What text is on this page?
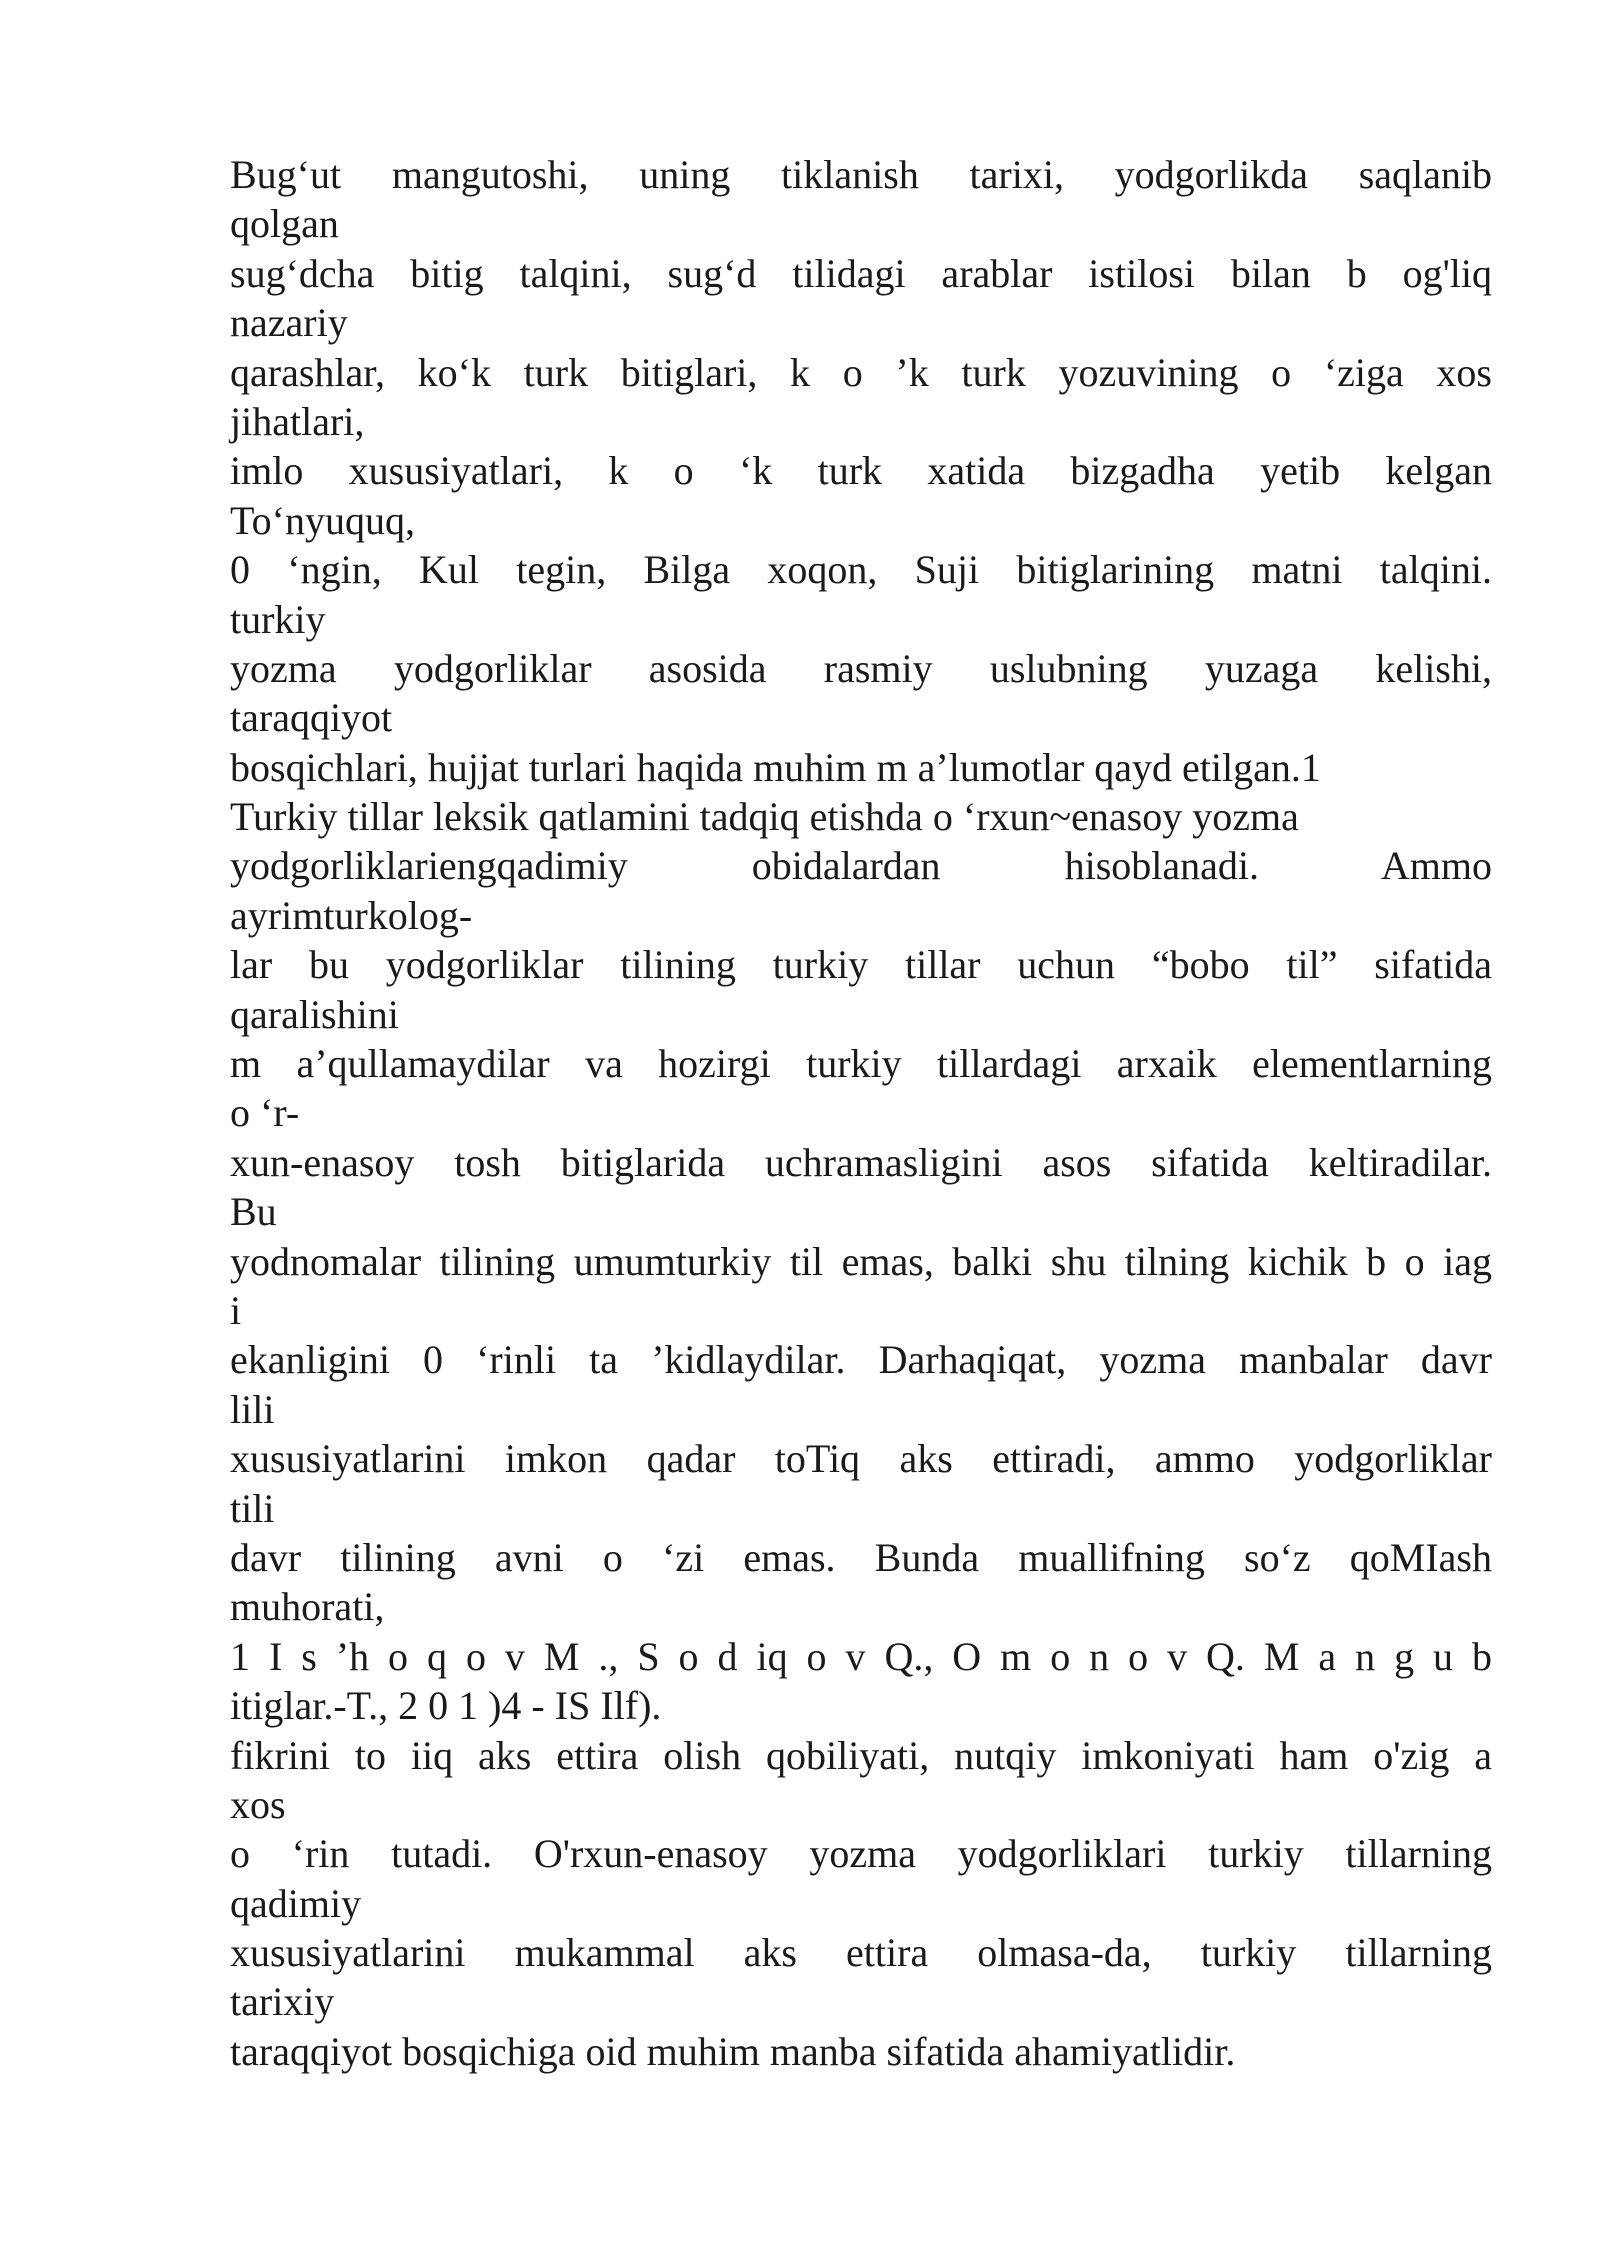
Bug‘ut mangutoshi, uning tiklanish tarixi, yodgorlikda saqlanib
qolgan
sug‘dcha bitig talqini, sug‘d tilidagi arablar istilosi bilan b og'liq
nazariy
qarashlar, ko‘k turk bitiglari, k o ’k turk yozuvining o ‘ziga xos
jihatlari,
imlo xususiyatlari, k o ‘k turk xatida bizgadha yetib kelgan
To‘nyuquq,
0 ‘ngin, Kul tegin, Bilga xoqon, Suji bitiglarining matni talqini.
turkiy
yozma yodgorliklar asosida rasmiy uslubning yuzaga kelishi,
taraqqiyot
bosqichlari, hujjat turlari haqida muhim m a’lumotlar qayd etilgan.1
Turkiy tillar leksik qatlamini tadqiq etishda o ‘rxun~enasoy yozma
yodgorliklariengqadimiy obidalardan hisoblanadi. Ammo
ayrimturkolog-
lar bu yodgorliklar tilining turkiy tillar uchun “bobo til” sifatida
qaralishini
m a’qullamaydilar va hozirgi turkiy tillardagi arxaik elementlarning
o ‘r-
xun-enasoy tosh bitiglarida uchramasligini asos sifatida keltiradilar.
Bu
yodnomalar tilining umumturkiy til emas, balki shu tilning kichik b o iag
i
ekanligini 0 ‘rinli ta ’kidlaydilar. Darhaqiqat, yozma manbalar davr
lili
xususiyatlarini imkon qadar toTiq aks ettiradi, ammo yodgorliklar
tili
davr tilining avni o ‘zi emas. Bunda muallifning so‘z qoMIash
muhorati,
1 I s ’h o q o v M ., S o d iq o v Q., O m o n o v Q. M a n g u b
itiglar.-T., 2 0 1 )4 - IS Ilf).
fikrini to iiq aks ettira olish qobiliyati, nutqiy imkoniyati ham o'zig a
xos
o ‘rin tutadi. O'rxun-enasoy yozma yodgorliklari turkiy tillarning
qadimiy
xususiyatlarini mukammal aks ettira olmasa-da, turkiy tillarning
tarixiy
taraqqiyot bosqichiga oid muhim manba sifatida ahamiyatlidir.
